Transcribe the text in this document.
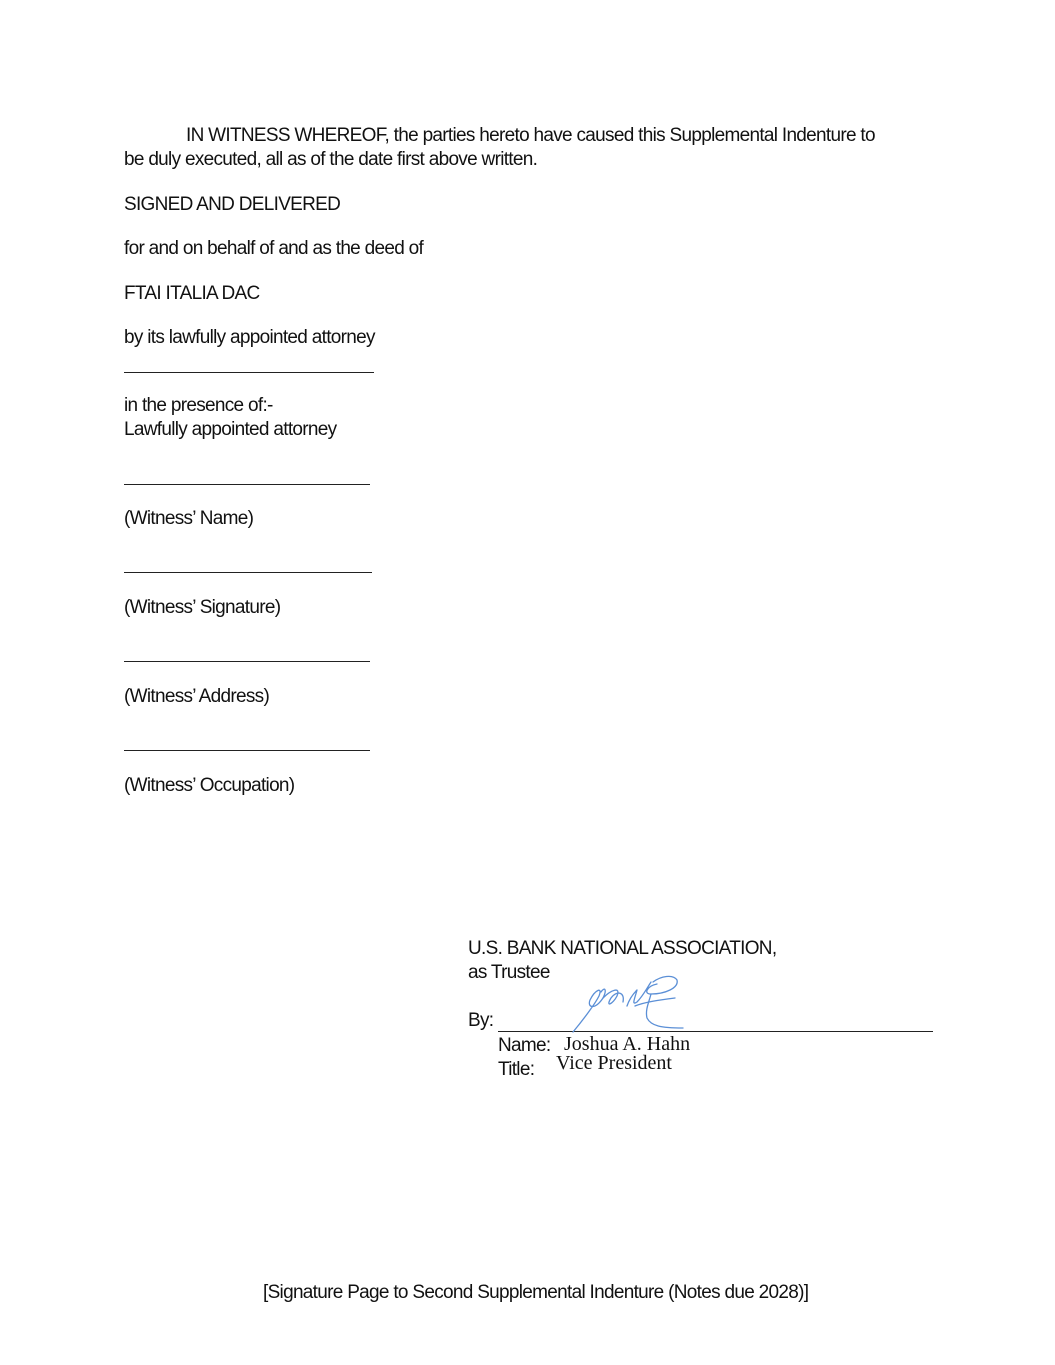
IN WITNESS WHEREOF, the parties hereto have caused this Supplemental Indenture to
be duly executed, all as of the date first above written.
SIGNED AND DELIVERED
for and on behalf of and as the deed of
FTAI ITALIA DAC
by its lawfully appointed attorney
in the presence of:-
Lawfully appointed attorney
(Witness’ Name)
(Witness’ Signature)
(Witness’ Address)
(Witness’ Occupation)
U.S. BANK NATIONAL ASSOCIATION,
as Trustee
By:
Name: Joshua A. Hahn
Title: Vice President
[Signature Page to Second Supplemental Indenture (Notes due 2028)]
